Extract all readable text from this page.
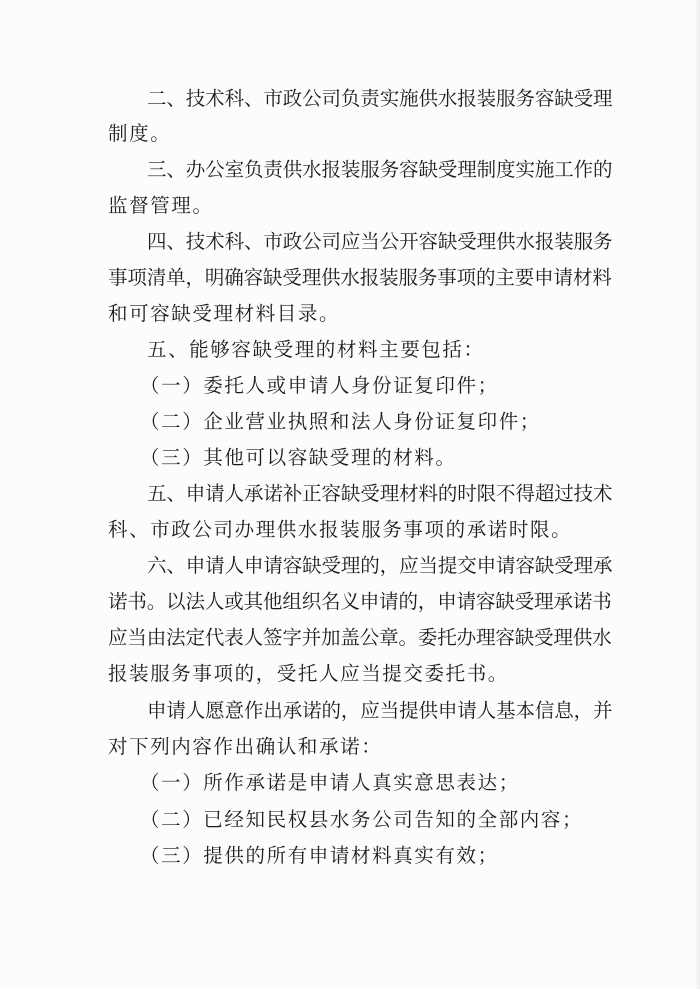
二、技术科、市政公司负责实施供水报装服务容缺受理
制度。
三、办公室负责供水报装服务容缺受理制度实施工作的
监督管理。
四、技术科、市政公司应当公开容缺受理供水报装服务
事项清单，明确容缺受理供水报装服务事项的主要申请材料
和可容缺受理材料目录。
五、能够容缺受理的材料主要包括：
（一）委托人或申请人身份证复印件；
（二）企业营业执照和法人身份证复印件；
（三）其他可以容缺受理的材料。
五、申请人承诺补正容缺受理材料的时限不得超过技术
科、市政公司办理供水报装服务事项的承诺时限。
六、申请人申请容缺受理的，应当提交申请容缺受理承
诺书。以法人或其他组织名义申请的，申请容缺受理承诺书
应当由法定代表人签字并加盖公章。委托办理容缺受理供水
报装服务事项的，受托人应当提交委托书。
申请人愿意作出承诺的，应当提供申请人基本信息，并
对下列内容作出确认和承诺：
（一）所作承诺是申请人真实意思表达；
（二）已经知民权县水务公司告知的全部内容；
（三）提供的所有申请材料真实有效；
